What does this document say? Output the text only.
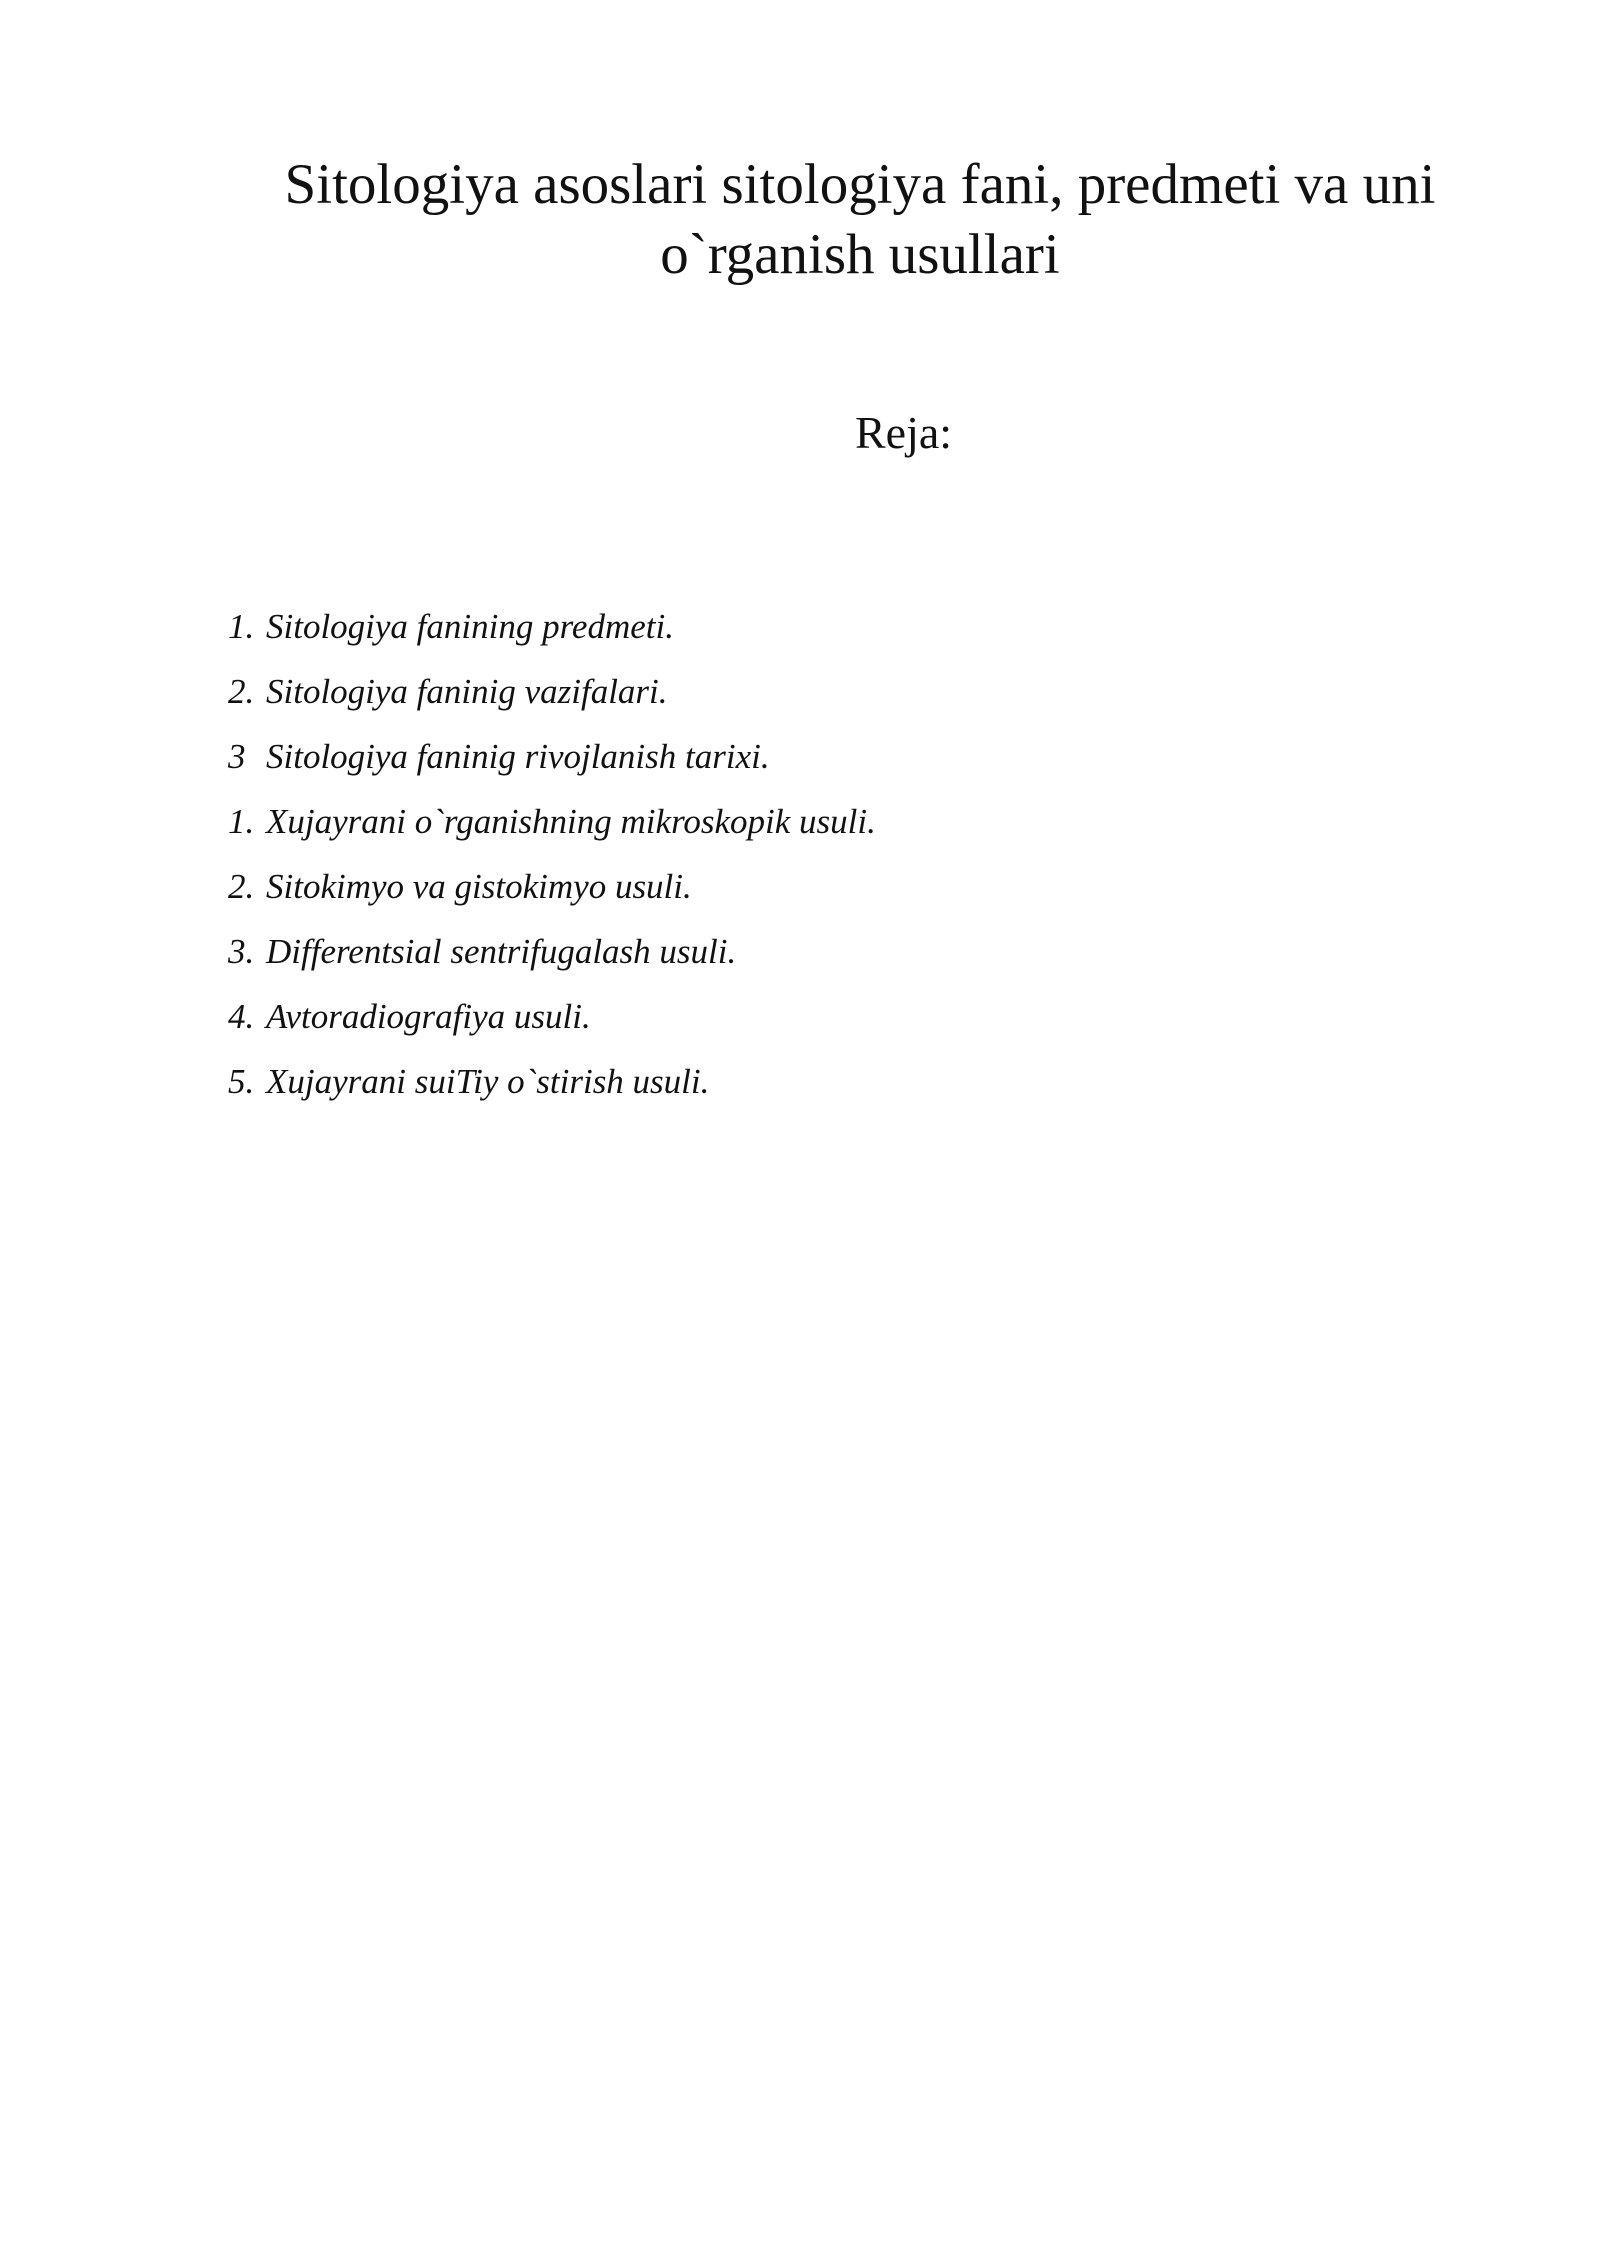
Sitologiya asoslari sitologiya fani, predmeti va uni
o`rganish usullari
Reja:
1. Sitologiya fanining predmeti.
2. Sitologiya faninig vazifalari.
3 Sitologiya faninig rivojlanish tarixi.
1. Xujayrani o`rganishning mikroskopik usuli.
2. Sitokimyo va gistokimyo usuli.
3. Differentsial sentrifugalash usuli.
4. Avtoradiografiya usuli.
5. Xujayrani suiTiy o`stirish usuli.
